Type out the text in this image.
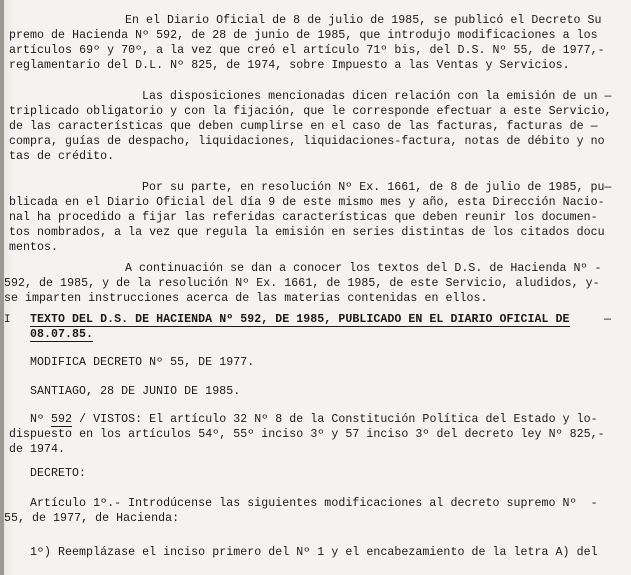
En el Diario Oficial de 8 de julio de 1985, se publicó el Decreto Su
premo de Hacienda Nº 592, de 28 de junio de 1985, que introdujo modificaciones a los
artículos 69º y 70º, a la vez que creó el artículo 71º bis, del D.S. Nº 55, de 1977,-
reglamentario del D.L. Nº 825, de 1974, sobre Impuesto a las Ventas y Servicios.
Las disposiciones mencionadas dicen relación con la emisión de un —
triplicado obligatorio y con la fijación, que le corresponde efectuar a este Servicio,
de las características que deben cumplirse en el caso de las facturas, facturas de —
compra, guías de despacho, liquidaciones, liquidaciones-factura, notas de débito y no
tas de crédito.
Por su parte, en resolución Nº Ex. 1661, de 8 de julio de 1985, pu—
blicada en el Diario Oficial del día 9 de este mismo mes y año, esta Dirección Nacio-
nal ha procedido a fijar las referidas características que deben reunir los documen-
tos nombrados, a la vez que regula la emisión en series distintas de los citados docu
mentos.
A continuación se dan a conocer los textos del D.S. de Hacienda Nº -
592, de 1985, y de la resolución Nº Ex. 1661, de 1985, de este Servicio, aludidos, y-
se imparten instrucciones acerca de las materias contenidas en ellos.
I TEXTO DEL D.S. DE HACIENDA Nº 592, DE 1985, PUBLICADO EN EL DIARIO OFICIAL DE	—
08.07.85.
MODIFICA DECRETO Nº 55, DE 1977.
SANTIAGO, 28 DE JUNIO DE 1985.
Nº 592 / VISTOS: El artículo 32 Nº 8 de la Constitución Política del Estado y lo-
dispuesto en los artículos 54º, 55º inciso 3º y 57 inciso 3º del decreto ley Nº 825,-
de 1974.
DECRETO:
Artículo 1º.- Introdúcense las siguientes modificaciones al decreto supremo Nº  -
55, de 1977, de Hacienda:
1º) Reemplázase el inciso primero del Nº 1 y el encabezamiento de la letra A) del
